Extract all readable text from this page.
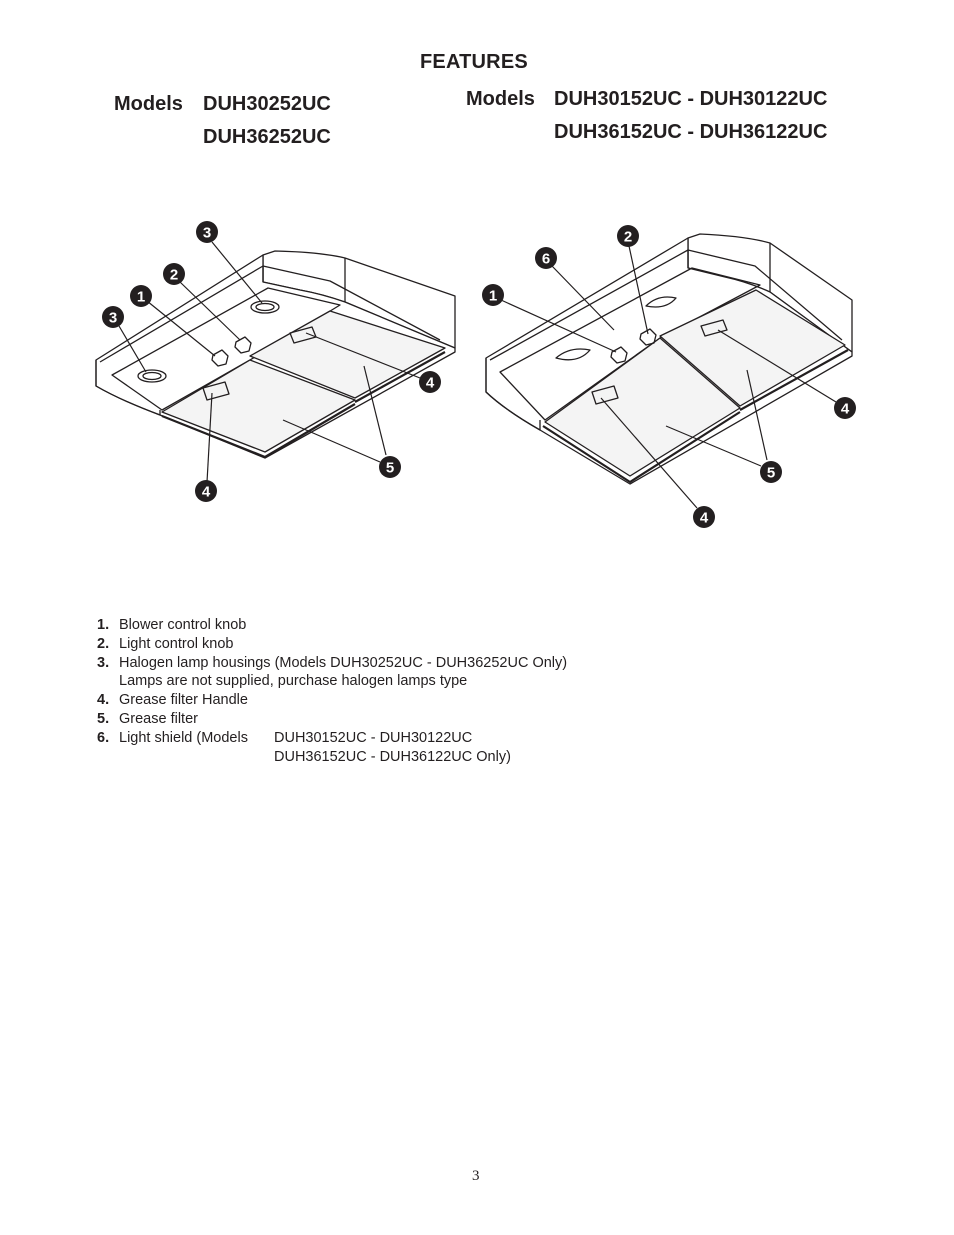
FEATURES
Models DUH30252UC
DUH36252UC
Models DUH30152UC - DUH30122UC
DUH36152UC - DUH36122UC
3
2
1
3
4
5
4
2
6
1
4
5
4
1. Blower control knob
2. Light control knob
3. Halogen lamp housings (Models DUH30252UC - DUH36252UC Only)
Lamps are not supplied, purchase halogen lamps type
4. Grease filter Handle
5. Grease filter
6. Light shield (Models	DUH30152UC - DUH30122UC
DUH36152UC - DUH36122UC Only)
3
